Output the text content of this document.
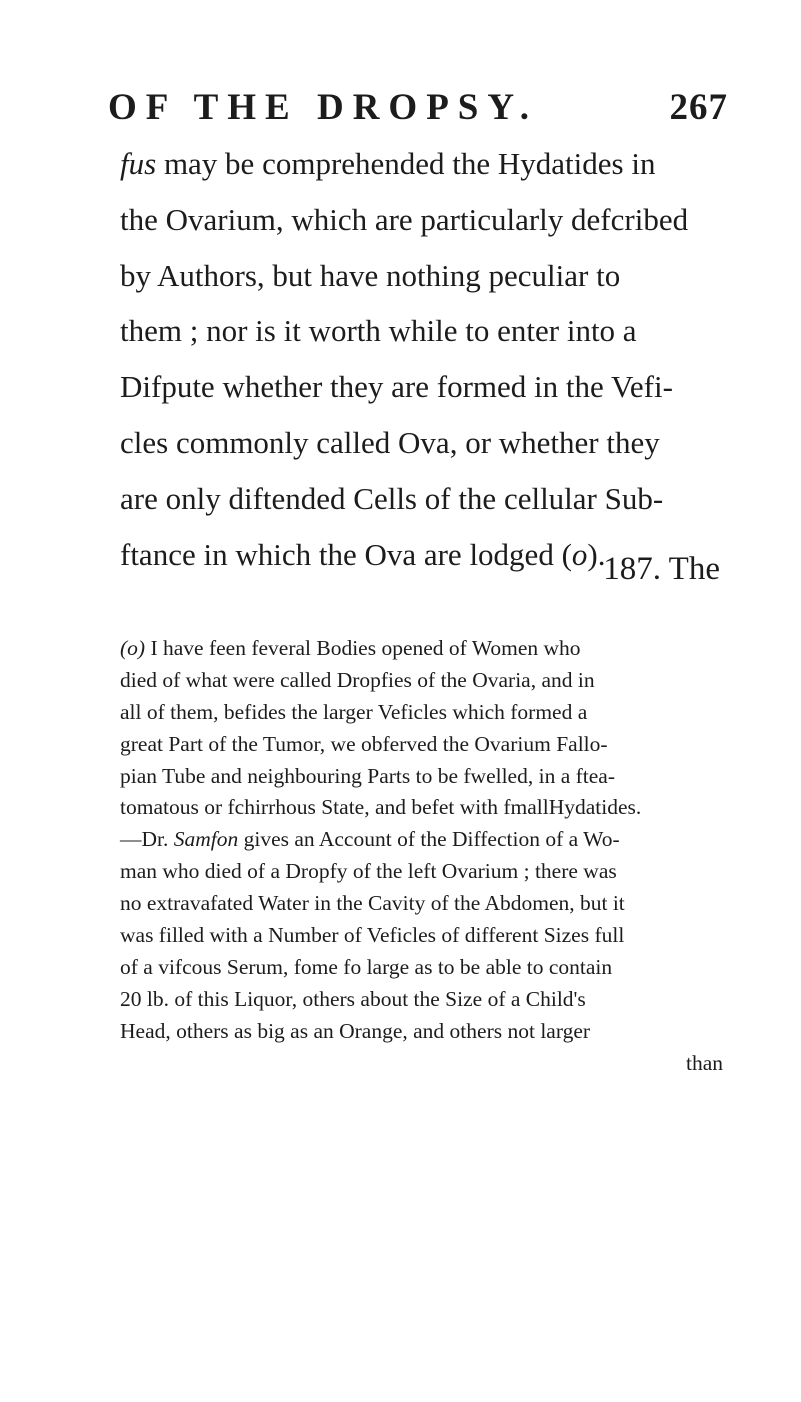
OF THE DROPSY.	267
fus may be comprehended the Hydatides in
the Ovarium, which are particularly defcribed
by Authors, but have nothing peculiar to
them ; nor is it worth while to enter into a
Difpute whether they are formed in the Vefi-
cles commonly called Ova, or whether they
are only diftended Cells of the cellular Sub-
ftance in which the Ova are lodged (o).
187. The
(o) I have feen feveral Bodies opened of Women who
died of what were called Dropfies of the Ovaria, and in
all of them, befides the larger Veficles which formed a
great Part of the Tumor, we obferved the Ovarium Fallo-
pian Tube and neighbouring Parts to be fwelled, in a ftea-
tomatous or fchirrhous State, and befet with fmallHydatides.
—Dr. Samfon gives an Account of the Diffection of a Wo-
man who died of a Dropfy of the left Ovarium ; there was
no extravafated Water in the Cavity of the Abdomen, but it
was filled with a Number of Veficles of different Sizes full
of a vifcous Serum, fome fo large as to be able to contain
20 lb. of this Liquor, others about the Size of a Child's
Head, others as big as an Orange, and others not larger
than
